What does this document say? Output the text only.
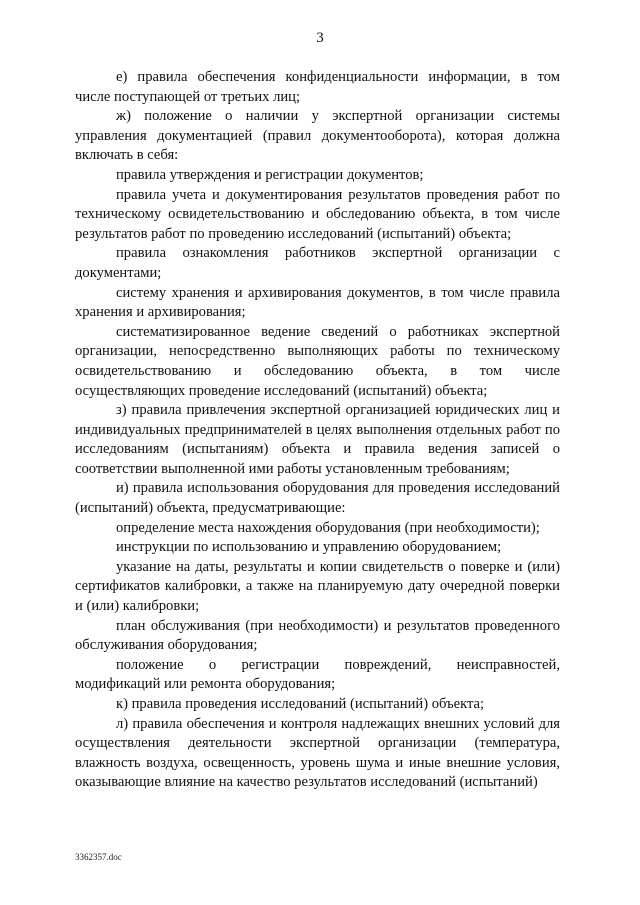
3

е) правила обеспечения конфиденциальности информации, в том числе поступающей от третьих лиц;

ж) положение о наличии у экспертной организации системы управления документацией (правил документооборота), которая должна включать в себя:

правила утверждения и регистрации документов;

правила учета и документирования результатов проведения работ по техническому освидетельствованию и обследованию объекта, в том числе результатов работ по проведению исследований (испытаний) объекта;

правила ознакомления работников экспертной организации с документами;

систему хранения и архивирования документов, в том числе правила хранения и архивирования;

систематизированное ведение сведений о работниках экспертной организации, непосредственно выполняющих работы по техническому освидетельствованию и обследованию объекта, в том числе осуществляющих проведение исследований (испытаний) объекта;

з) правила привлечения экспертной организацией юридических лиц и индивидуальных предпринимателей в целях выполнения отдельных работ по исследованиям (испытаниям) объекта и правила ведения записей о соответствии выполненной ими работы установленным требованиям;

и) правила использования оборудования для проведения исследований (испытаний) объекта, предусматривающие:

определение места нахождения оборудования (при необходимости);

инструкции по использованию и управлению оборудованием;

указание на даты, результаты и копии свидетельств о поверке и (или) сертификатов калибровки, а также на планируемую дату очередной поверки и (или) калибровки;

план обслуживания (при необходимости) и результатов проведенного обслуживания оборудования;

положение о регистрации повреждений, неисправностей, модификаций или ремонта оборудования;

к) правила проведения исследований (испытаний) объекта;

л) правила обеспечения и контроля надлежащих внешних условий для осуществления деятельности экспертной организации (температура, влажность воздуха, освещенность, уровень шума и иные внешние условия, оказывающие влияние на качество результатов исследований (испытаний)

3362357.doc
